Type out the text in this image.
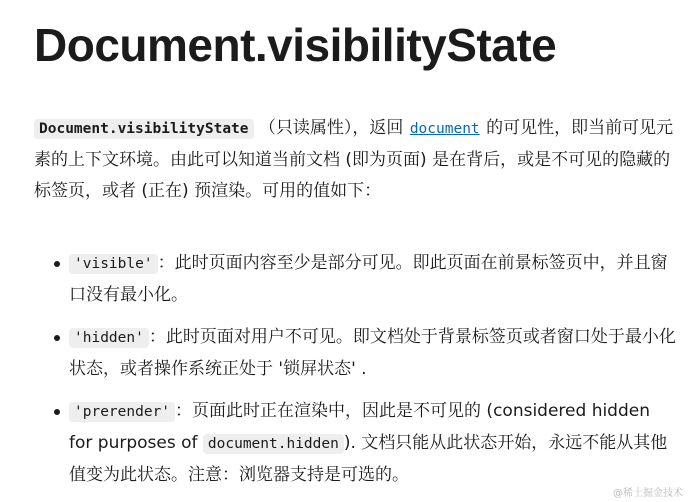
Document.visibilityState

Document.visibilityState （只读属性），返回 document 的可见性，即当前可见元素的上下文环境。由此可以知道当前文档 (即为页面) 是在背后，或是不可见的隐藏的标签页，或者 (正在) 预渲染。可用的值如下：

'visible' ：此时页面内容至少是部分可见。即此页面在前景标签页中，并且窗口没有最小化。
'hidden' ：此时页面对用户不可见。即文档处于背景标签页或者窗口处于最小化状态，或者操作系统正处于 '锁屏状态' .
'prerender' ：页面此时正在渲染中，因此是不可见的 (considered hidden for purposes of document.hidden ). 文档只能从此状态开始，永远不能从其他值变为此状态。注意：浏览器支持是可选的。
@稀土掘金技术
